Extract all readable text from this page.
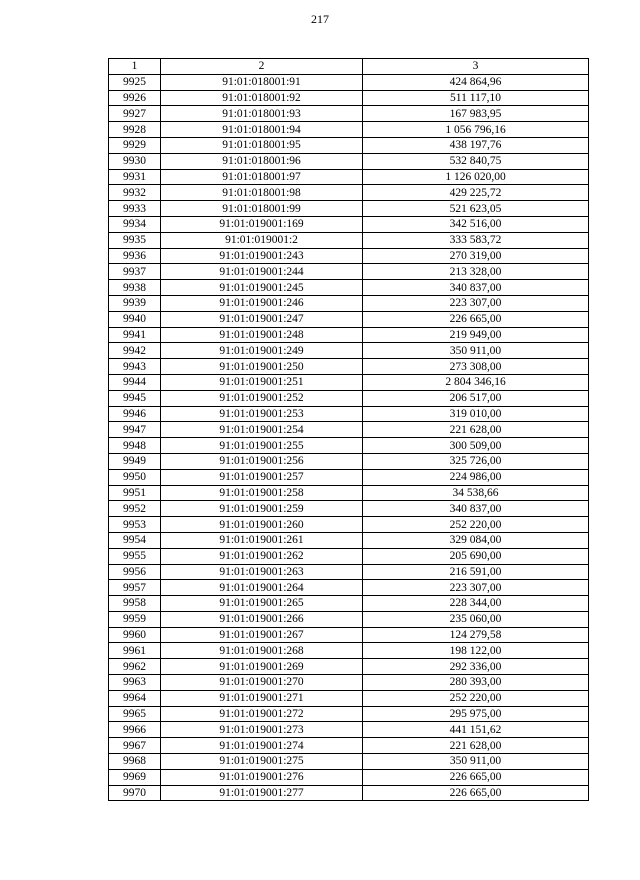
217
1	2	3
9925	91:01:018001:91	424 864,96
9926	91:01:018001:92	511 117,10
9927	91:01:018001:93	167 983,95
9928	91:01:018001:94	1 056 796,16
9929	91:01:018001:95	438 197,76
9930	91:01:018001:96	532 840,75
9931	91:01:018001:97	1 126 020,00
9932	91:01:018001:98	429 225,72
9933	91:01:018001:99	521 623,05
9934	91:01:019001:169	342 516,00
9935	91:01:019001:2	333 583,72
9936	91:01:019001:243	270 319,00
9937	91:01:019001:244	213 328,00
9938	91:01:019001:245	340 837,00
9939	91:01:019001:246	223 307,00
9940	91:01:019001:247	226 665,00
9941	91:01:019001:248	219 949,00
9942	91:01:019001:249	350 911,00
9943	91:01:019001:250	273 308,00
9944	91:01:019001:251	2 804 346,16
9945	91:01:019001:252	206 517,00
9946	91:01:019001:253	319 010,00
9947	91:01:019001:254	221 628,00
9948	91:01:019001:255	300 509,00
9949	91:01:019001:256	325 726,00
9950	91:01:019001:257	224 986,00
9951	91:01:019001:258	34 538,66
9952	91:01:019001:259	340 837,00
9953	91:01:019001:260	252 220,00
9954	91:01:019001:261	329 084,00
9955	91:01:019001:262	205 690,00
9956	91:01:019001:263	216 591,00
9957	91:01:019001:264	223 307,00
9958	91:01:019001:265	228 344,00
9959	91:01:019001:266	235 060,00
9960	91:01:019001:267	124 279,58
9961	91:01:019001:268	198 122,00
9962	91:01:019001:269	292 336,00
9963	91:01:019001:270	280 393,00
9964	91:01:019001:271	252 220,00
9965	91:01:019001:272	295 975,00
9966	91:01:019001:273	441 151,62
9967	91:01:019001:274	221 628,00
9968	91:01:019001:275	350 911,00
9969	91:01:019001:276	226 665,00
9970	91:01:019001:277	226 665,00
